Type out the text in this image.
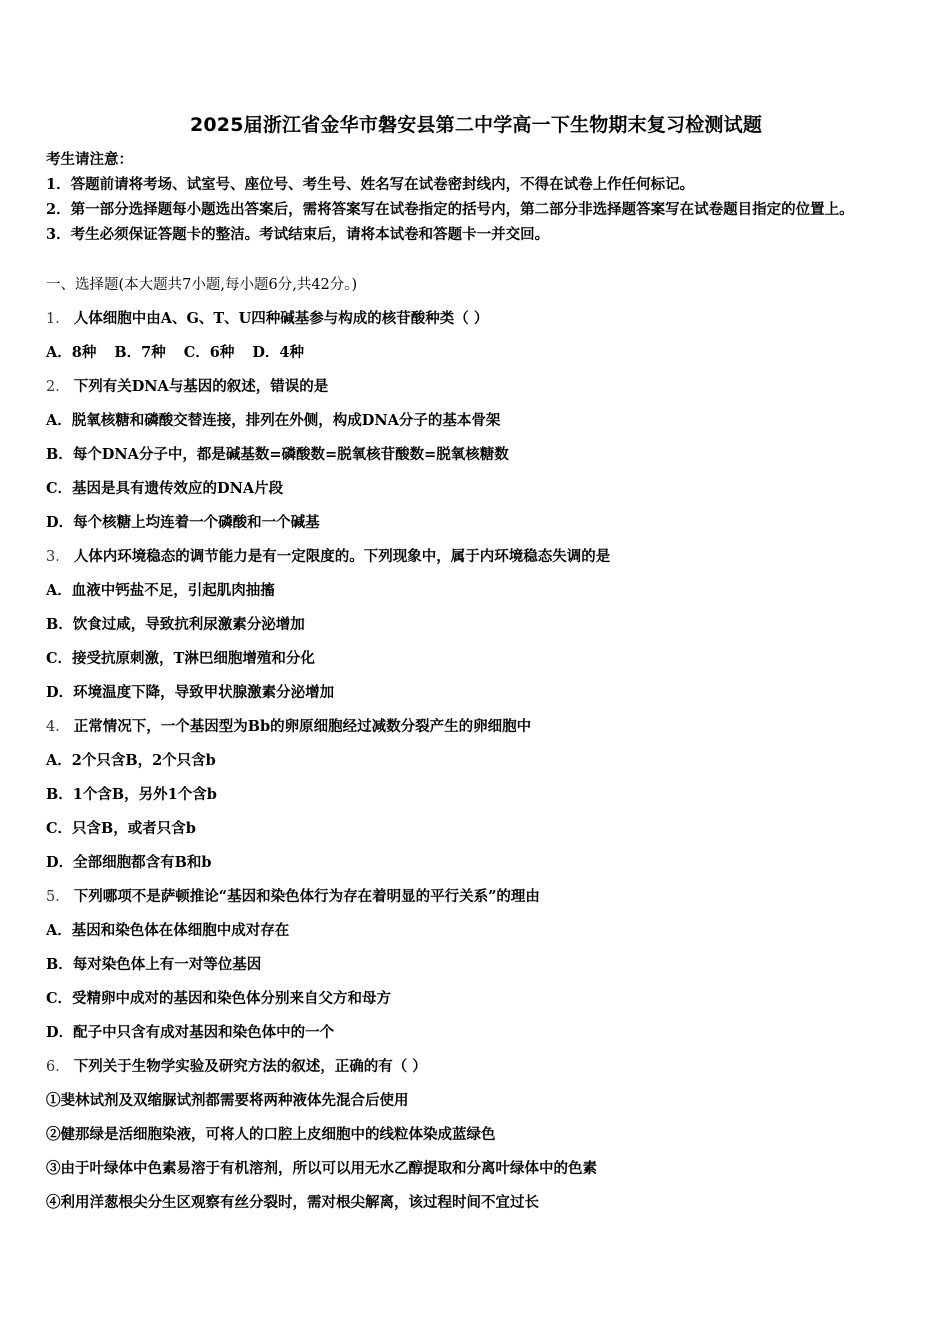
2025届浙江省金华市磐安县第二中学高一下生物期末复习检测试题
考生请注意：
1．答题前请将考场、试室号、座位号、考生号、姓名写在试卷密封线内，不得在试卷上作任何标记。
2．第一部分选择题每小题选出答案后，需将答案写在试卷指定的括号内，第二部分非选择题答案写在试卷题目指定的位置上。
3．考生必须保证答题卡的整洁。考试结束后，请将本试卷和答题卡一并交回。
一、选择题(本大题共7小题,每小题6分,共42分。)
1． 人体细胞中由A、G、T、U四种碱基参与构成的核苷酸种类（ ）
A．8种 B．7种 C．6种 D．4种
2． 下列有关DNA与基因的叙述，错误的是
A．脱氧核糖和磷酸交替连接，排列在外侧，构成DNA分子的基本骨架
B．每个DNA分子中，都是碱基数=磷酸数=脱氧核苷酸数=脱氧核糖数
C．基因是具有遗传效应的DNA片段
D．每个核糖上均连着一个磷酸和一个碱基
3． 人体内环境稳态的调节能力是有一定限度的。下列现象中，属于内环境稳态失调的是
A．血液中钙盐不足，引起肌肉抽搐
B．饮食过咸，导致抗利尿激素分泌增加
C．接受抗原刺激，T淋巴细胞增殖和分化
D．环境温度下降，导致甲状腺激素分泌增加
4． 正常情况下，一个基因型为Bb的卵原细胞经过减数分裂产生的卵细胞中
A．2个只含B，2个只含b
B．1个含B，另外1个含b
C．只含B，或者只含b
D．全部细胞都含有B和b
5． 下列哪项不是萨顿推论“基因和染色体行为存在着明显的平行关系”的理由
A．基因和染色体在体细胞中成对存在
B．每对染色体上有一对等位基因
C．受精卵中成对的基因和染色体分别来自父方和母方
D．配子中只含有成对基因和染色体中的一个
6． 下列关于生物学实验及研究方法的叙述，正确的有（ ）
①斐林试剂及双缩脲试剂都需要将两种液体先混合后使用
②健那绿是活细胞染液，可将人的口腔上皮细胞中的线粒体染成蓝绿色
③由于叶绿体中色素易溶于有机溶剂，所以可以用无水乙醇提取和分离叶绿体中的色素
④利用洋葱根尖分生区观察有丝分裂时，需对根尖解离，该过程时间不宜过长
